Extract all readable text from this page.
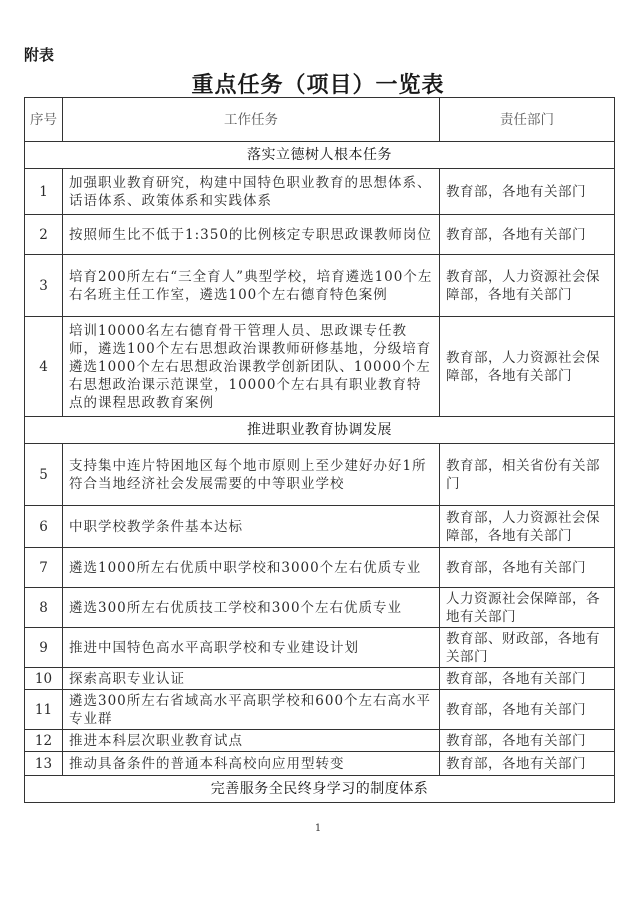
附表
重点任务（项目）一览表
序号	工作任务	责任部门
落实立德树人根本任务		
1	加强职业教育研究，构建中国特色职业教育的思想体系、话语体系、政策体系和实践体系	教育部，各地有关部门
2	按照师生比不低于1:350的比例核定专职思政课教师岗位	教育部，各地有关部门
3	培育200所左右“三全育人”典型学校，培育遴选100个左右名班主任工作室，遴选100个左右德育特色案例	教育部，人力资源社会保障部，各地有关部门
4	培训10000名左右德育骨干管理人员、思政课专任教师，遴选100个左右思想政治课教师研修基地，分级培育遴选1000个左右思想政治课教学创新团队、10000个左右思想政治课示范课堂，10000个左右具有职业教育特点的课程思政教育案例	教育部，人力资源社会保障部，各地有关部门
推进职业教育协调发展		
5	支持集中连片特困地区每个地市原则上至少建好办好1所符合当地经济社会发展需要的中等职业学校	教育部，相关省份有关部门
6	中职学校教学条件基本达标	教育部，人力资源社会保障部，各地有关部门
7	遴选1000所左右优质中职学校和3000个左右优质专业	教育部，各地有关部门
8	遴选300所左右优质技工学校和300个左右优质专业	人力资源社会保障部，各地有关部门
9	推进中国特色高水平高职学校和专业建设计划	教育部、财政部，各地有关部门
10	探索高职专业认证	教育部，各地有关部门
11	遴选300所左右省域高水平高职学校和600个左右高水平专业群	教育部，各地有关部门
12	推进本科层次职业教育试点	教育部，各地有关部门
13	推动具备条件的普通本科高校向应用型转变	教育部，各地有关部门
完善服务全民终身学习的制度体系		
1
